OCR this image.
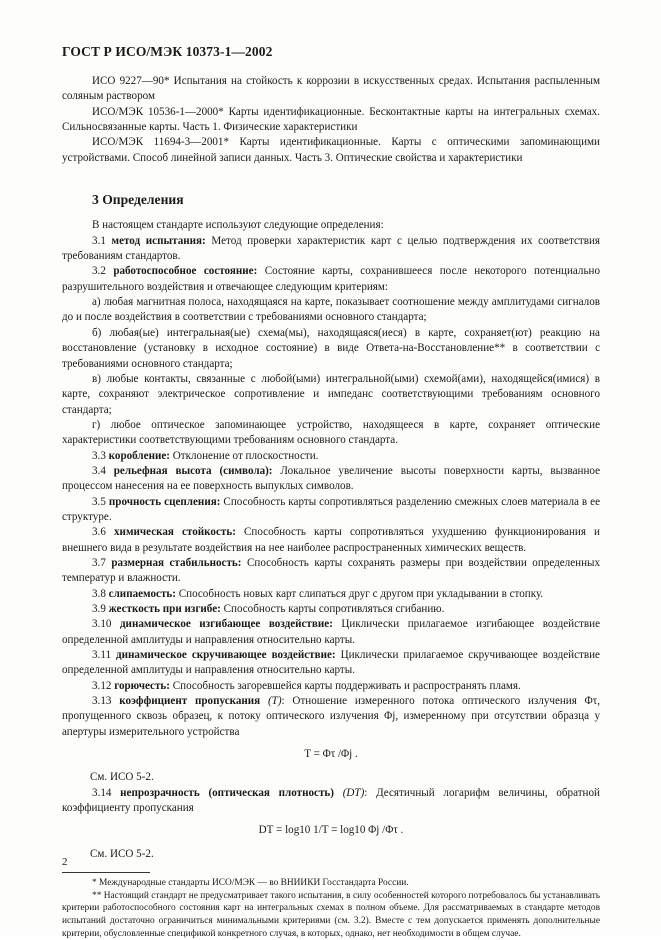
ГОСТ Р ИСО/МЭК 10373-1—2002

ИСО 9227—90* Испытания на стойкость к коррозии в искусственных средах. Испытания распыленным соляным раствором

ИСО/МЭК 10536-1—2000* Карты идентификационные. Бесконтактные карты на интегральных схемах. Сильносвязанные карты. Часть 1. Физические характеристики

ИСО/МЭК 11694-3—2001* Карты идентификационные. Карты с оптическими запоминающими устройствами. Способ линейной записи данных. Часть 3. Оптические свойства и характеристики

3 Определения

В настоящем стандарте используют следующие определения:

3.1 метод испытания: Метод проверки характеристик карт с целью подтверждения их соответствия требованиям стандартов.

3.2 работоспособное состояние: Состояние карты, сохранившееся после некоторого потенциально разрушительного воздействия и отвечающее следующим критериям:

а) любая магнитная полоса, находящаяся на карте, показывает соотношение между амплитудами сигналов до и после воздействия в соответствии с требованиями основного стандарта;

б) любая(ые) интегральная(ые) схема(мы), находящаяся(иеся) в карте, сохраняет(ют) реакцию на восстановление (установку в исходное состояние) в виде Ответа-на-Восстановление** в соответствии с требованиями основного стандарта;

в) любые контакты, связанные с любой(ыми) интегральной(ыми) схемой(ами), находящейся(имися) в карте, сохраняют электрическое сопротивление и импеданс соответствующими требованиям основного стандарта;

г) любое оптическое запоминающее устройство, находящееся в карте, сохраняет оптические характеристики соответствующими требованиям основного стандарта.

3.3 коробление: Отклонение от плоскостности.

3.4 рельефная высота (символа): Локальное увеличение высоты поверхности карты, вызванное процессом нанесения на ее поверхность выпуклых символов.

3.5 прочность сцепления: Способность карты сопротивляться разделению смежных слоев материала в ее структуре.

3.6 химическая стойкость: Способность карты сопротивляться ухудшению функционирования и внешнего вида в результате воздействия на нее наиболее распространенных химических веществ.

3.7 размерная стабильность: Способность карты сохранять размеры при воздействии определенных температур и влажности.

3.8 слипаемость: Способность новых карт слипаться друг с другом при укладывании в стопку.

3.9 жесткость при изгибе: Способность карты сопротивляться сгибанию.

3.10 динамическое изгибающее воздействие: Циклически прилагаемое изгибающее воздействие определенной амплитуды и направления относительно карты.

3.11 динамическое скручивающее воздействие: Циклически прилагаемое скручивающее воздействие определенной амплитуды и направления относительно карты.

3.12 горючесть: Способность загоревшейся карты поддерживать и распространять пламя.

3.13 коэффициент пропускания (T): Отношение измеренного потока оптического излучения Φτ, пропущенного сквозь образец, к потоку оптического излучения Φj, измеренному при отсутствии образца у апертуры измерительного устройства

T = Φτ /Φj .

См. ИСО 5-2.

3.14 непрозрачность (оптическая плотность) (DT): Десятичный логарифм величины, обратной коэффициенту пропускания

DT = log10 1/T = log10 Φj /Φτ .

См. ИСО 5-2.

* Международные стандарты ИСО/МЭК — во ВНИИКИ Госстандарта России.

** Настоящий стандарт не предусматривает такого испытания, в силу особенностей которого потребовалось бы устанавливать критерии работоспособного состояния карт на интегральных схемах в полном объеме. Для рассматриваемых в стандарте методов испытаний достаточно ограничиться минимальными критериями (см. 3.2). Вместе с тем допускается применять дополнительные критерии, обусловленные спецификой конкретного случая, в которых, однако, нет необходимости в общем случае.

2
